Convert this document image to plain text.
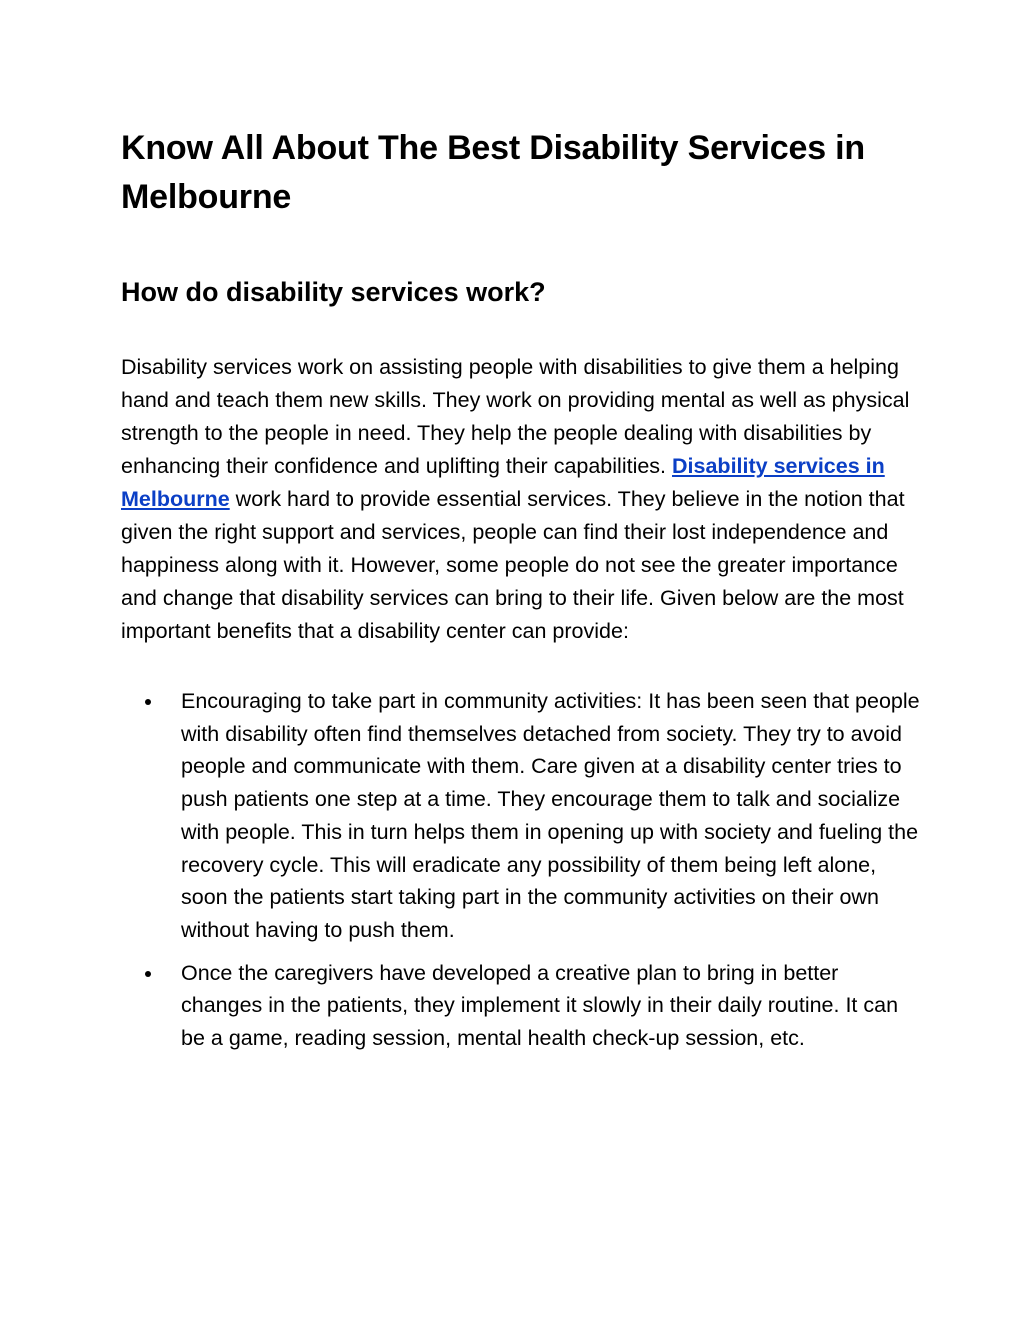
Know All About The Best Disability Services in Melbourne
How do disability services work?

Disability services work on assisting people with disabilities to give them a helping hand and teach them new skills. They work on providing mental as well as physical strength to the people in need. They help the people dealing with disabilities by enhancing their confidence and uplifting their capabilities. Disability services in Melbourne work hard to provide essential services. They believe in the notion that given the right support and services, people can find their lost independence and happiness along with it. However, some people do not see the greater importance and change that disability services can bring to their life. Given below are the most important benefits that a disability center can provide:

Encouraging to take part in community activities: It has been seen that people with disability often find themselves detached from society. They try to avoid people and communicate with them. Care given at a disability center tries to push patients one step at a time. They encourage them to talk and socialize with people. This in turn helps them in opening up with society and fueling the recovery cycle. This will eradicate any possibility of them being left alone, soon the patients start taking part in the community activities on their own without having to push them.
Once the caregivers have developed a creative plan to bring in better changes in the patients, they implement it slowly in their daily routine. It can be a game, reading session, mental health check-up session, etc.
